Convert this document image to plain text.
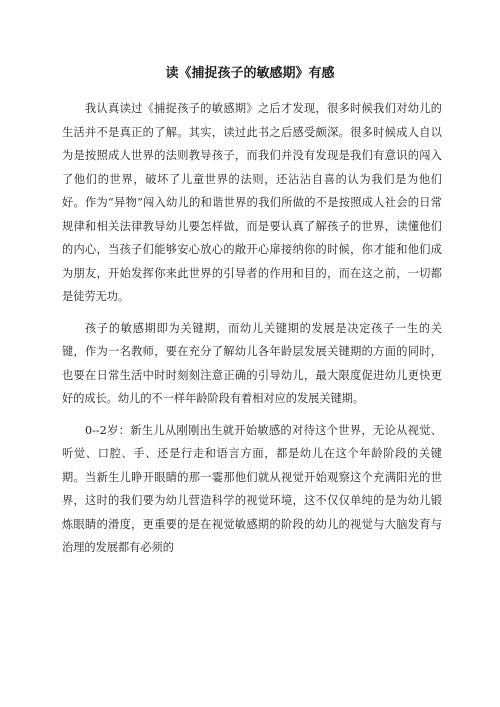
读《捕捉孩子的敏感期》有感

我认真读过《捕捉孩子的敏感期》之后才发现，很多时候我们对幼儿的生活并不是真正的了解。其实，读过此书之后感受颇深。很多时候成人自以为是按照成人世界的法则教导孩子，而我们并没有发现是我们有意识的闯入了他们的世界，破坏了儿童世界的法则，还沾沾自喜的认为我们是为他们好。作为“异物”闯入幼儿的和谐世界的我们所做的不是按照成人社会的日常规律和相关法律教导幼儿要怎样做，而是要认真了解孩子的世界，读懂他们的内心，当孩子们能够安心放心的敞开心扉接纳你的时候，你才能和他们成为朋友，开始发挥你来此世界的引导者的作用和目的，而在这之前，一切都是徒劳无功。

孩子的敏感期即为关键期，而幼儿关键期的发展是决定孩子一生的关键，作为一名教师，要在充分了解幼儿各年龄层发展关键期的方面的同时，也要在日常生活中时时刻刻注意正确的引导幼儿，最大限度促进幼儿更快更好的成长。幼儿的不一样年龄阶段有着相对应的发展关键期。

0--2岁：新生儿从刚刚出生就开始敏感的对待这个世界，无论从视觉、听觉、口腔、手、还是行走和语言方面，都是幼儿在这个年龄阶段的关键期。当新生儿睁开眼睛的那一霎那他们就从视觉开始观察这个充满阳光的世界，这时的我们要为幼儿营造科学的视觉环境，这不仅仅单纯的是为幼儿锻炼眼睛的滑度，更重要的是在视觉敏感期的阶段的幼儿的视觉与大脑发育与治理的发展都有必须的
